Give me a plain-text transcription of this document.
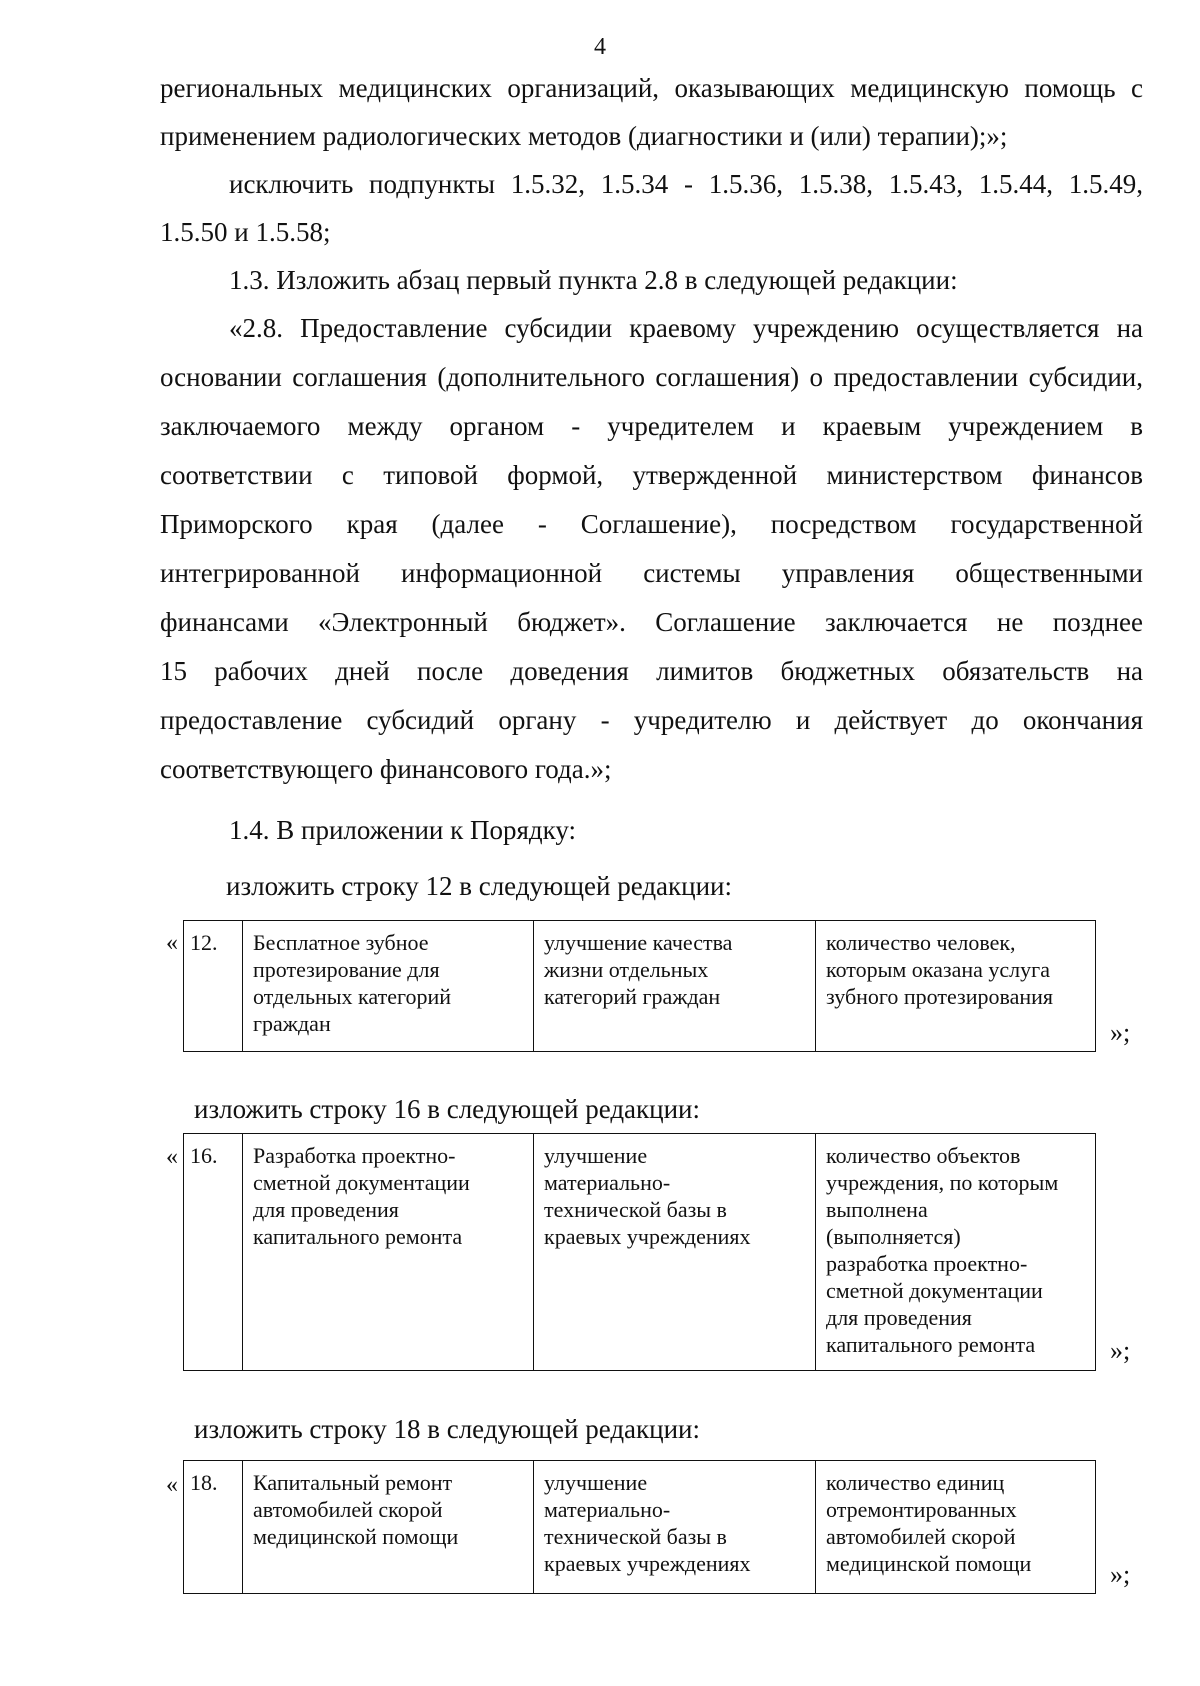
4
региональных медицинских организаций, оказывающих медицинскую помощь с
применением радиологических методов (диагностики и (или) терапии);»;
исключить подпункты 1.5.32, 1.5.34 - 1.5.36, 1.5.38, 1.5.43, 1.5.44, 1.5.49,
1.5.50 и 1.5.58;
1.3. Изложить абзац первый пункта 2.8 в следующей редакции:
«2.8. Предоставление субсидии краевому учреждению осуществляется на
основании соглашения (дополнительного соглашения) о предоставлении субсидии,
заключаемого между органом - учредителем и краевым учреждением в
соответствии с типовой формой, утвержденной министерством финансов
Приморского края (далее - Соглашение), посредством государственной
интегрированной информационной системы управления общественными
финансами «Электронный бюджет». Соглашение заключается не позднее
15 рабочих дней после доведения лимитов бюджетных обязательств на
предоставление субсидий органу - учредителю и действует до окончания
соответствующего финансового года.»;
1.4. В приложении к Порядку:
изложить строку 12 в следующей редакции:
« 12.	Бесплатное зубное
протезирование для
отдельных категорий
граждан	улучшение качества
жизни отдельных
категорий граждан	количество человек,
которым оказана услуга
зубного протезирования
»;
изложить строку 16 в следующей редакции:
« 16.	Разработка проектно-
сметной документации
для проведения
капитального ремонта	улучшение
материально-
технической базы в
краевых учреждениях	количество объектов
учреждения, по которым
выполнена
(выполняется)
разработка проектно-
сметной документации
для проведения
капитального ремонта	»;
изложить строку 18 в следующей редакции:
« 18.	Капитальный ремонт
автомобилей скорой
медицинской помощи	улучшение
материально-
технической базы в
краевых учреждениях	количество единиц
отремонтированных
автомобилей скорой
медицинской помощи	»;
